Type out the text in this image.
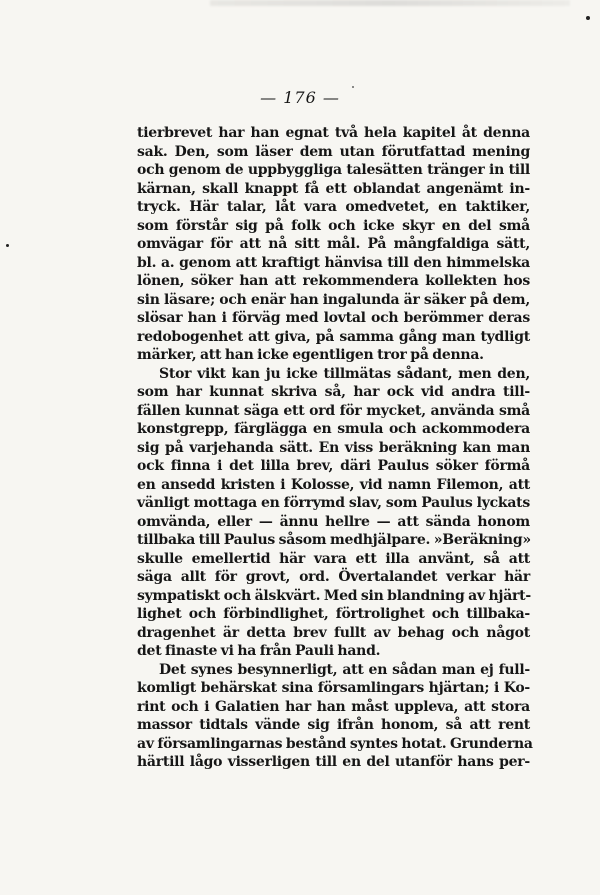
— 176 —
tierbrevet har han egnat två hela kapitel åt denna
sak. Den, som läser dem utan förutfattad mening
och genom de uppbyggliga talesätten tränger in till
kärnan, skall knappt få ett oblandat angenämt in-
tryck. Här talar, låt vara omedvetet, en taktiker,
som förstår sig på folk och icke skyr en del små
omvägar för att nå sitt mål. På mångfaldiga sätt,
bl. a. genom att kraftigt hänvisa till den himmelska
lönen, söker han att rekommendera kollekten hos
sin läsare; och enär han ingalunda är säker på dem,
slösar han i förväg med lovtal och berömmer deras
redobogenhet att giva, på samma gång man tydligt
märker, att han icke egentligen tror på denna.
Stor vikt kan ju icke tillmätas sådant, men den,
som har kunnat skriva så, har ock vid andra till-
fällen kunnat säga ett ord för mycket, använda små
konstgrepp, färglägga en smula och ackommodera
sig på varjehanda sätt. En viss beräkning kan man
ock finna i det lilla brev, däri Paulus söker förmå
en ansedd kristen i Kolosse, vid namn Filemon, att
vänligt mottaga en förrymd slav, som Paulus lyckats
omvända, eller — ännu hellre — att sända honom
tillbaka till Paulus såsom medhjälpare. »Beräkning»
skulle emellertid här vara ett illa använt, så att
säga allt för grovt, ord. Övertalandet verkar här
sympatiskt och älskvärt. Med sin blandning av hjärt-
lighet och förbindlighet, förtrolighet och tillbaka-
dragenhet är detta brev fullt av behag och något
det finaste vi ha från Pauli hand.
Det synes besynnerligt, att en sådan man ej full-
komligt behärskat sina församlingars hjärtan; i Ko-
rint och i Galatien har han måst uppleva, att stora
massor tidtals vände sig ifrån honom, så att rent
av församlingarnas bestånd syntes hotat. Grunderna
härtill lågo visserligen till en del utanför hans per-
